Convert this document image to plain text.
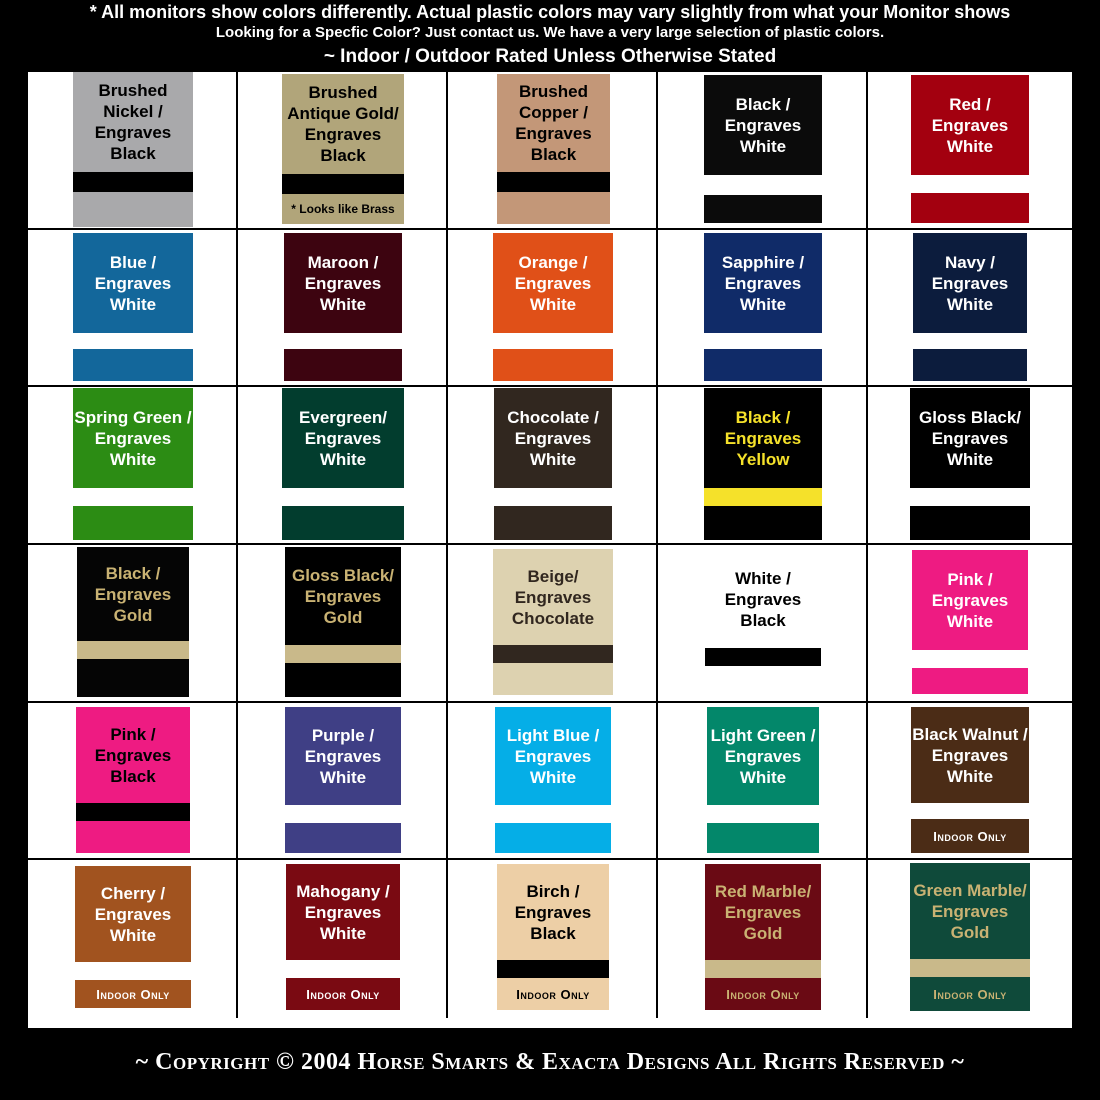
* All monitors show colors differently. Actual plastic colors may vary slightly from what your Monitor shows
Looking for a Specfic Color? Just contact us. We have a very large selection of plastic colors.
~ Indoor / Outdoor Rated Unless Otherwise Stated
Brushed
Nickel /
Engraves
Black
Brushed
Antique Gold/
Engraves
Black
* Looks like Brass
Brushed
Copper /
Engraves
Black
Black /
Engraves
White
Red /
Engraves
White
Blue /
Engraves
White
Maroon /
Engraves
White
Orange /
Engraves
White
Sapphire /
Engraves
White
Navy /
Engraves
White
Spring Green /
Engraves
White
Evergreen/
Engraves
White
Chocolate /
Engraves
White
Black /
Engraves
Yellow
Gloss Black/
Engraves
White
Black /
Engraves
Gold
Gloss Black/
Engraves
Gold
Beige/
Engraves
Chocolate
White /
Engraves
Black
Pink /
Engraves
White
Pink /
Engraves
Black
Purple /
Engraves
White
Light Blue /
Engraves
White
Light Green /
Engraves
White
Black Walnut /
Engraves
White
Indoor Only
Cherry /
Engraves
White
Indoor Only
Mahogany /
Engraves
White
Indoor Only
Birch /
Engraves
Black
Indoor Only
Red Marble/
Engraves
Gold
Indoor Only
Green Marble/
Engraves
Gold
Indoor Only
~ Copyright © 2004 Horse Smarts & Exacta Designs All Rights Reserved ~
